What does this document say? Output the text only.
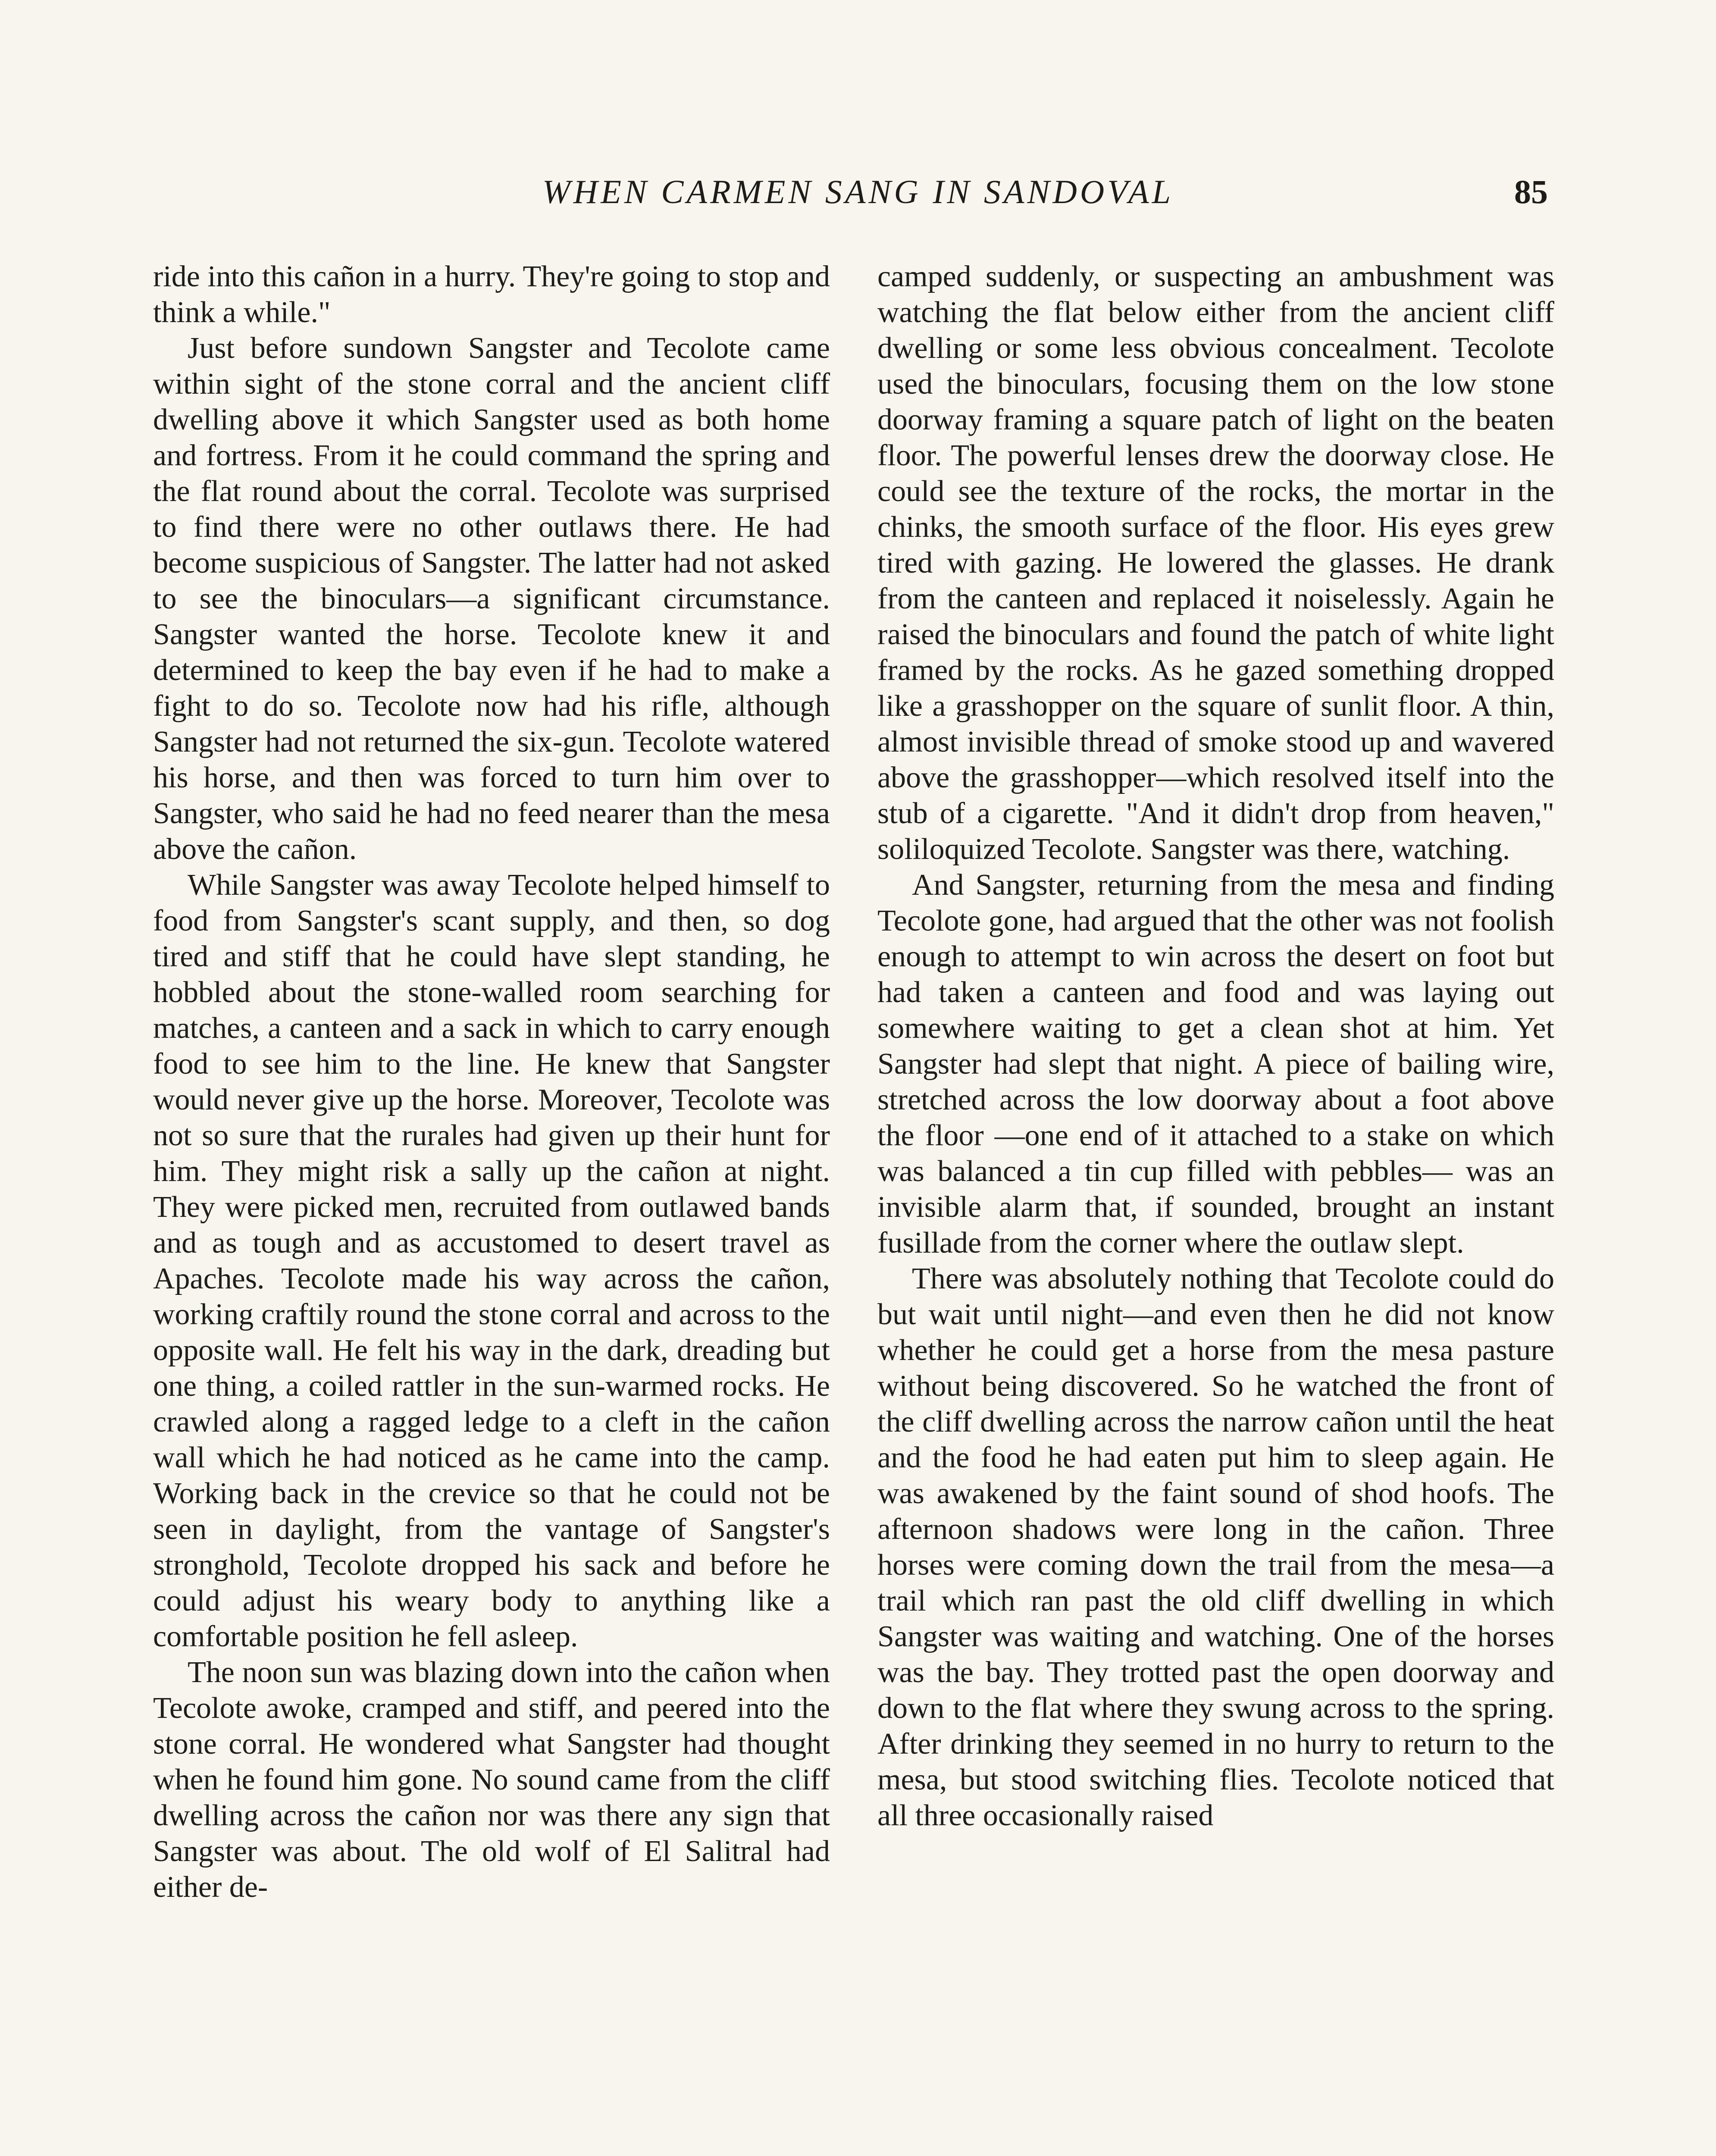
WHEN CARMEN SANG IN SANDOVAL	85

ride into this cañon in a hurry. They're going to stop and think a while."

Just before sundown Sangster and Tecolote came within sight of the stone corral and the ancient cliff dwelling above it which Sangster used as both home and fortress. From it he could command the spring and the flat round about the corral. Tecolote was surprised to find there were no other outlaws there. He had become suspicious of Sangster. The latter had not asked to see the binoculars—a significant circumstance. Sangster wanted the horse. Tecolote knew it and determined to keep the bay even if he had to make a fight to do so. Tecolote now had his rifle, although Sangster had not returned the six-gun. Tecolote watered his horse, and then was forced to turn him over to Sangster, who said he had no feed nearer than the mesa above the cañon.

While Sangster was away Tecolote helped himself to food from Sangster's scant supply, and then, so dog tired and stiff that he could have slept standing, he hobbled about the stone-walled room searching for matches, a canteen and a sack in which to carry enough food to see him to the line. He knew that Sangster would never give up the horse. Moreover, Tecolote was not so sure that the rurales had given up their hunt for him. They might risk a sally up the cañon at night. They were picked men, recruited from outlawed bands and as tough and as accustomed to desert travel as Apaches. Tecolote made his way across the cañon, working craftily round the stone corral and across to the opposite wall. He felt his way in the dark, dreading but one thing, a coiled rattler in the sun-warmed rocks. He crawled along a ragged ledge to a cleft in the cañon wall which he had noticed as he came into the camp. Working back in the crevice so that he could not be seen in daylight, from the vantage of Sangster's stronghold, Tecolote dropped his sack and before he could adjust his weary body to anything like a comfortable position he fell asleep.

The noon sun was blazing down into the cañon when Tecolote awoke, cramped and stiff, and peered into the stone corral. He wondered what Sangster had thought when he found him gone. No sound came from the cliff dwelling across the cañon nor was there any sign that Sangster was about. The old wolf of El Salitral had either de-

camped suddenly, or suspecting an ambushment was watching the flat below either from the ancient cliff dwelling or some less obvious concealment. Tecolote used the binoculars, focusing them on the low stone doorway framing a square patch of light on the beaten floor. The powerful lenses drew the doorway close. He could see the texture of the rocks, the mortar in the chinks, the smooth surface of the floor. His eyes grew tired with gazing. He lowered the glasses. He drank from the canteen and replaced it noiselessly. Again he raised the binoculars and found the patch of white light framed by the rocks. As he gazed something dropped like a grasshopper on the square of sunlit floor. A thin, almost invisible thread of smoke stood up and wavered above the grasshopper—which resolved itself into the stub of a cigarette. "And it didn't drop from heaven," soliloquized Tecolote. Sangster was there, watching.

And Sangster, returning from the mesa and finding Tecolote gone, had argued that the other was not foolish enough to attempt to win across the desert on foot but had taken a canteen and food and was laying out somewhere waiting to get a clean shot at him. Yet Sangster had slept that night. A piece of bailing wire, stretched across the low doorway about a foot above the floor —one end of it attached to a stake on which was balanced a tin cup filled with pebbles— was an invisible alarm that, if sounded, brought an instant fusillade from the corner where the outlaw slept.

There was absolutely nothing that Tecolote could do but wait until night—and even then he did not know whether he could get a horse from the mesa pasture without being discovered. So he watched the front of the cliff dwelling across the narrow cañon until the heat and the food he had eaten put him to sleep again. He was awakened by the faint sound of shod hoofs. The afternoon shadows were long in the cañon. Three horses were coming down the trail from the mesa—a trail which ran past the old cliff dwelling in which Sangster was waiting and watching. One of the horses was the bay. They trotted past the open doorway and down to the flat where they swung across to the spring. After drinking they seemed in no hurry to return to the mesa, but stood switching flies. Tecolote noticed that all three occasionally raised
